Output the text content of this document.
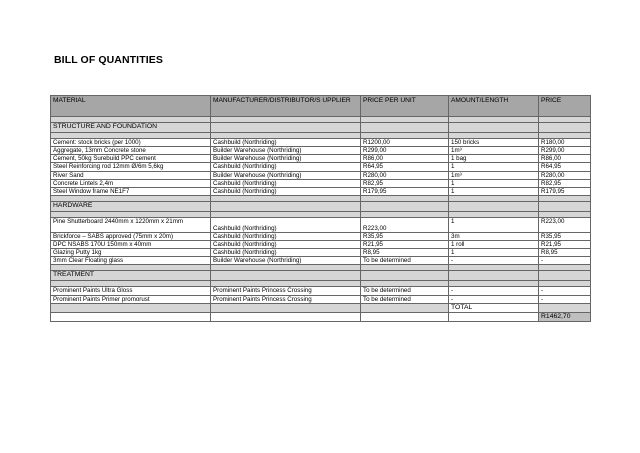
BILL OF QUANTITIES
MATERIAL	MANUFACTURER/DISTRIBUTOR/S UPPLIER	PRICE PER UNIT	AMOUNT/LENGTH	PRICE

STRUCTURE AND FOUNDATION				

Cement: stock bricks (per 1000)	Cashbuild (Northriding)	R1200,00	150 bricks	R180,00
Aggregate, 13mm Concrete stone	Builder Warehouse (Northriding)	R299,00	1m³	R299,00
Cement, 50kg Surebuild PPC cement	Builder Warehouse (Northriding)	R86,00	1 bag	R86,00
Steel Reinforcing rod 12mm Ø/6m 5,6kg	Cashbuild (Northriding)	R64,95	1	R64,95
River Sand	Builder Warehouse (Northriding)	R280,00	1m³	R280,00
Concrete Lintels 2,4m	Cashbuild (Northriding)	R82,95	1	R82,95
Steel Window frame NE1F7	Cashbuild (Northriding)	R179,95	1	R179,95

HARDWARE				

Pine Shutterboard 2440mm x 1220mm x 21mm	Cashbuild (Northriding)	R223,00	1	R223,00
Brickforce – SABS approved (75mm x 20m)	Cashbuild (Northriding)	R35,95	3m	R35,95
DPC NSABS 170U 150mm x 40mm	Cashbuild (Northriding)	R21,95	1 roll	R21,95
Glazing Putty 1kg	Cashbuild (Northriding)	R8,95	1	R8,95
3mm Clear Floating glass	Builder Warehouse (Northriding)	To be determined	-	-

TREATMENT				

Prominent Paints Ultra Gloss	Prominent Paints Princess Crossing	To be determined	-	-
Prominent Paints Primer promorust	Prominent Paints Princess Crossing	To be determined	-	-
			TOTAL	
				R1462,70
